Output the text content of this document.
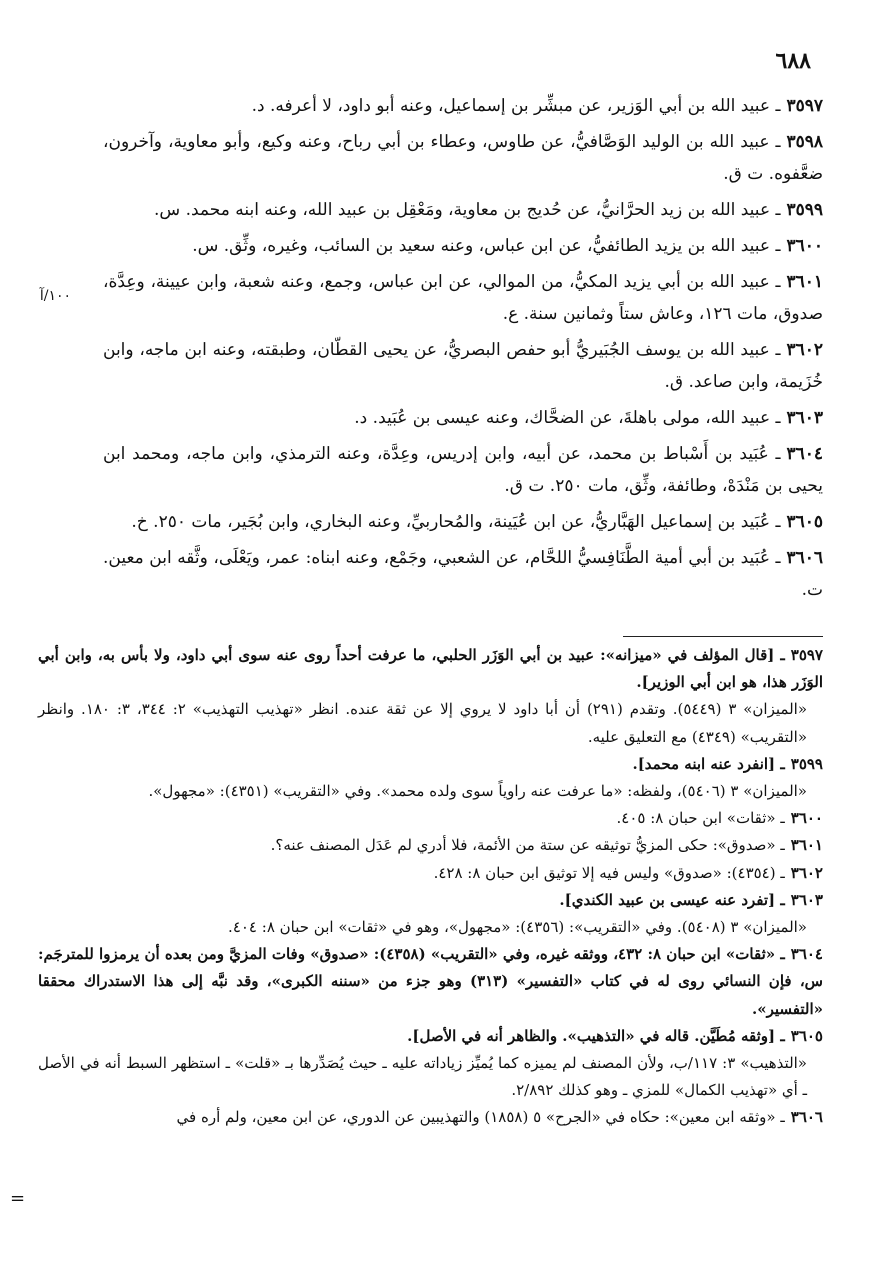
٦٨٨
١٠٠/آ

٣٥٩٧ـ عبيد الله بن أبي الوَزير، عن مبشِّر بن إسماعيل، وعنه أبو داود، لا أعرفه. د.

٣٥٩٨ـ عبيد الله بن الوليد الوَصَّافيُّ، عن طاوس، وعطاء بن أبي رباح، وعنه وكيع، وأبو معاوية، وآخرون، ضعَّفوه. ت ق.

٣٥٩٩ـ عبيد الله بن زيد الحرَّانيُّ، عن حُديج بن معاوية، ومَعْقِل بن عبيد الله، وعنه ابنه محمد. س.

٣٦٠٠ـ عبيد الله بن يزيد الطائفيُّ، عن ابن عباس، وعنه سعيد بن السائب، وغيره، وثِّق. س.

٣٦٠١ـ عبيد الله بن أبي يزيد المكيُّ، من الموالي، عن ابن عباس، وجمع، وعنه شعبة، وابن عيينة، وعِدَّة، صدوق، مات ١٢٦، وعاش ستاً وثمانين سنة. ع.

٣٦٠٢ـ عبيد الله بن يوسف الجُبَيريُّ أبو حفص البصريُّ، عن يحيى القطّان، وطبقته، وعنه ابن ماجه، وابن خُزَيمة، وابن صاعد. ق.

٣٦٠٣ـ عبيد الله، مولى باهلةَ، عن الضحَّاك، وعنه عيسى بن عُبَيد. د.

٣٦٠٤ـ عُبَيد بن أَسْباط بن محمد، عن أبيه، وابن إدريس، وعِدَّة، وعنه الترمذي، وابن ماجه، ومحمد ابن يحيى بن مَنْدَهْ، وطائفة، وثِّق، مات ٢٥٠. ت ق.

٣٦٠٥ـ عُبَيد بن إسماعيل الهَبَّاريُّ، عن ابن عُيَينة، والمُحاربيِّ، وعنه البخاري، وابن بُجَير، مات ٢٥٠. خ.

٣٦٠٦ـ عُبَيد بن أبي أمية الطَّنَافِسيُّ اللحَّام، عن الشعبي، وجَمْع، وعنه ابناه: عمر، ويَعْلَى، وثَّقه ابن معين. ت.

٣٥٩٧ـ [قال المؤلف في «ميزانه»: عبيد بن أبي الوَزَر الحلبي، ما عرفت أحداً روى عنه سوى أبي داود، ولا بأس به، وابن أبي الوَزَر هذا، هو ابن أبي الوزير].
«الميزان» ٣ (٥٤٤٩). وتقدم (٢٩١) أن أبا داود لا يروي إلا عن ثقة عنده. انظر «تهذيب التهذيب» ٢: ٣٤٤، ٣: ١٨٠. وانظر «التقريب» (٤٣٤٩) مع التعليق عليه.
٣٥٩٩ـ [انفرد عنه ابنه محمد].
«الميزان» ٣ (٥٤٠٦)، ولفظه: «ما عرفت عنه راوياً سوى ولده محمد». وفي «التقريب» (٤٣٥١): «مجهول».
٣٦٠٠ـ «ثقات» ابن حبان ٨: ٤٠٥.
٣٦٠١ـ «صدوق»: حكى المزيُّ توثيقه عن ستة من الأئمة، فلا أدري لم عَدَل المصنف عنه؟.
٣٦٠٢ـ (٤٣٥٤): «صدوق» وليس فيه إلا توثيق ابن حبان ٨: ٤٢٨.
٣٦٠٣ـ [تفرد عنه عيسى بن عبيد الكندي].
«الميزان» ٣ (٥٤٠٨). وفي «التقريب»: (٤٣٥٦): «مجهول»، وهو في «ثقات» ابن حبان ٨: ٤٠٤.
٣٦٠٤ـ «ثقات» ابن حبان ٨: ٤٣٢، ووثقه غيره، وفي «التقريب» (٤٣٥٨): «صدوق» وفات المزيَّ ومن بعده أن يرمزوا للمترجَم: س، فإن النسائي روى له في كتاب «التفسير» (٣١٣) وهو جزء من «سننه الكبرى»، وقد نبَّه إلى هذا الاستدراك محققا «التفسير».
٣٦٠٥ـ [وثقه مُطَيَّن. قاله في «التذهيب». والظاهر أنه في الأصل].
«التذهيب» ٣: ١١٧/ب، ولأن المصنف لم يميزه كما يُميِّز زياداته عليه ـ حيث يُصَدِّرها بـ «قلت» ـ استظهر السبط أنه في الأصل ـ أي «تهذيب الكمال» للمزي ـ وهو كذلك ٢/٨٩٢.
٣٦٠٦ـ «وثقه ابن معين»: حكاه في «الجرح» ٥ (١٨٥٨) والتهذيبين عن الدوري، عن ابن معين، ولم أره في
=
